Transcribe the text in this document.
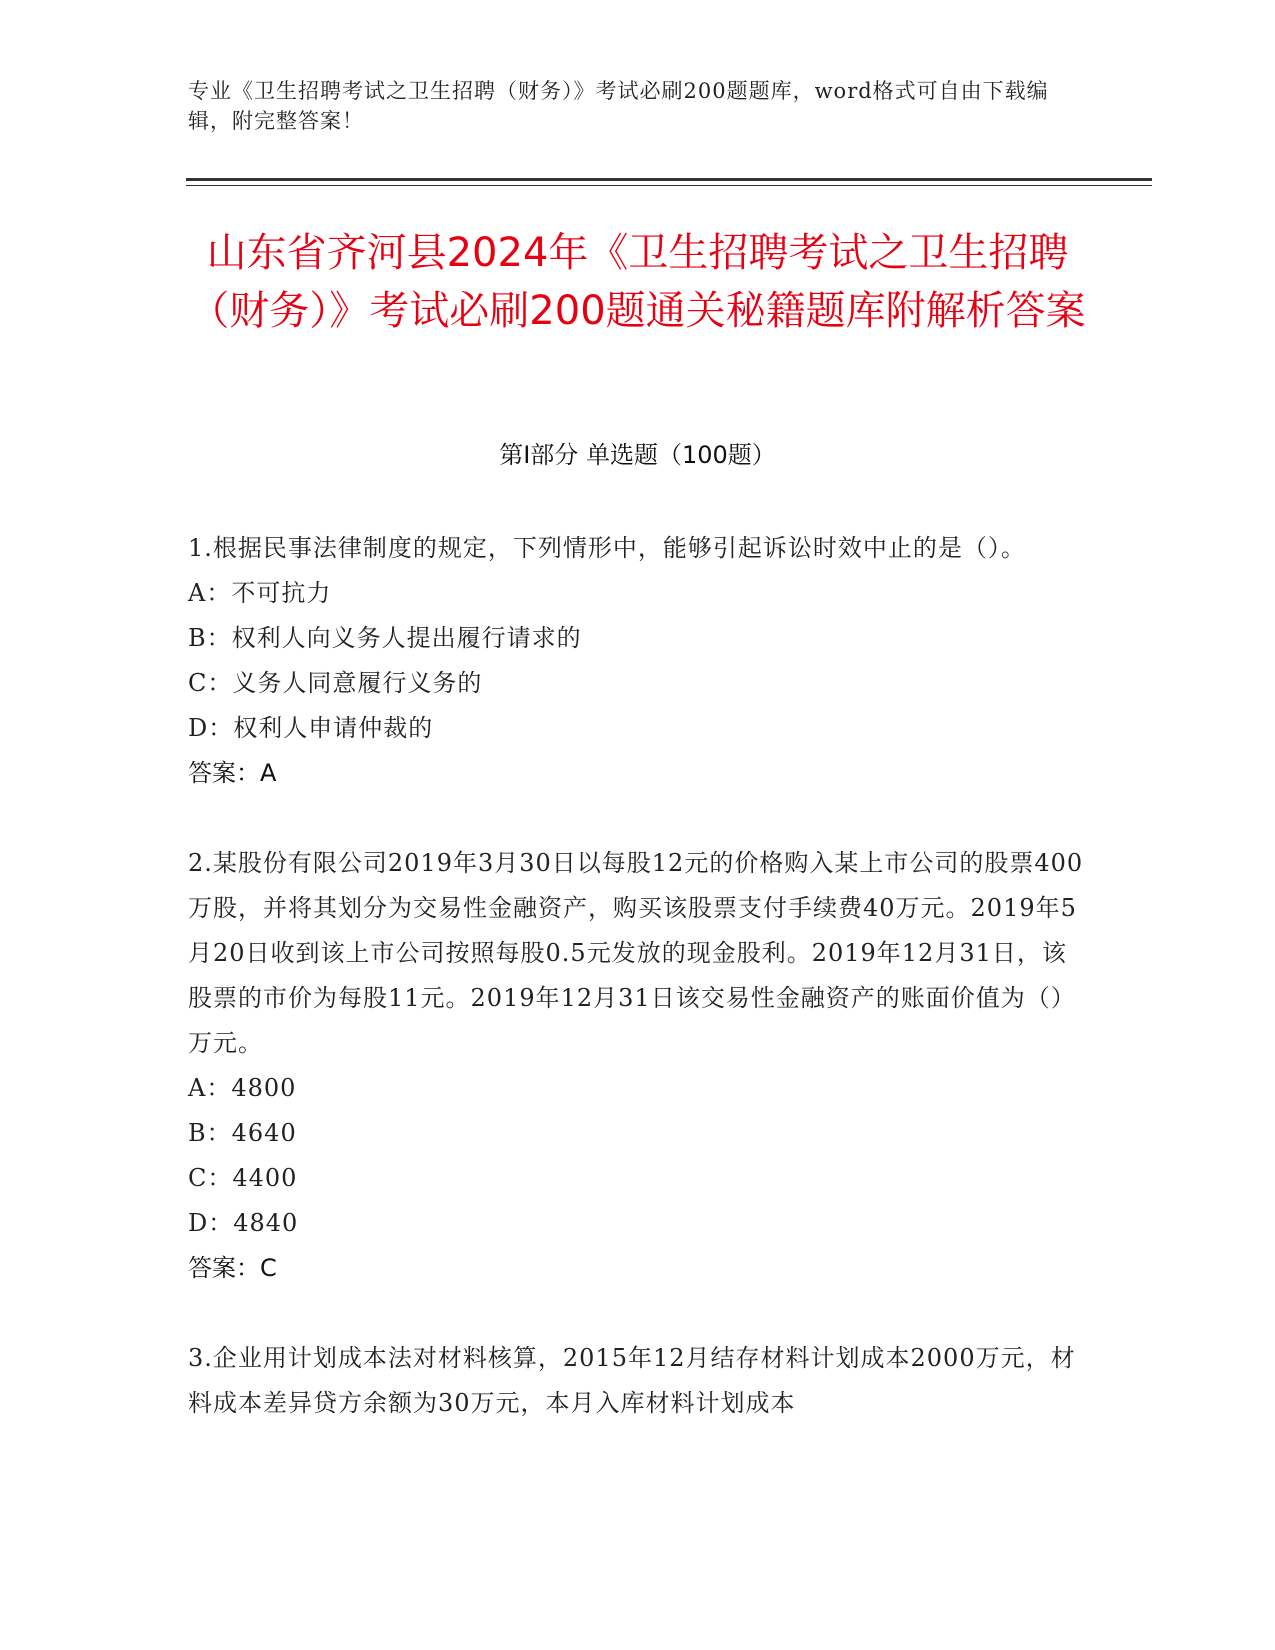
专业《卫生招聘考试之卫生招聘（财务）》考试必刷200题题库，word格式可自由下载编辑，附完整答案！
山东省齐河县2024年《卫生招聘考试之卫生招聘（财务）》考试必刷200题通关秘籍题库附解析答案
第Ⅰ部分 单选题（100题）

1.根据民事法律制度的规定，下列情形中，能够引起诉讼时效中止的是（）。

A：不可抗力

B：权利人向义务人提出履行请求的

C：义务人同意履行义务的

D：权利人申请仲裁的

答案：A

2.某股份有限公司2019年3月30日以每股12元的价格购入某上市公司的股票400万股，并将其划分为交易性金融资产，购买该股票支付手续费40万元。2019年5月20日收到该上市公司按照每股0.5元发放的现金股利。2019年12月31日，该股票的市价为每股11元。2019年12月31日该交易性金融资产的账面价值为（）万元。

A：4800

B：4640

C：4400

D：4840

答案：C

3.企业用计划成本法对材料核算，2015年12月结存材料计划成本2000万元，材料成本差异贷方余额为30万元，本月入库材料计划成本
